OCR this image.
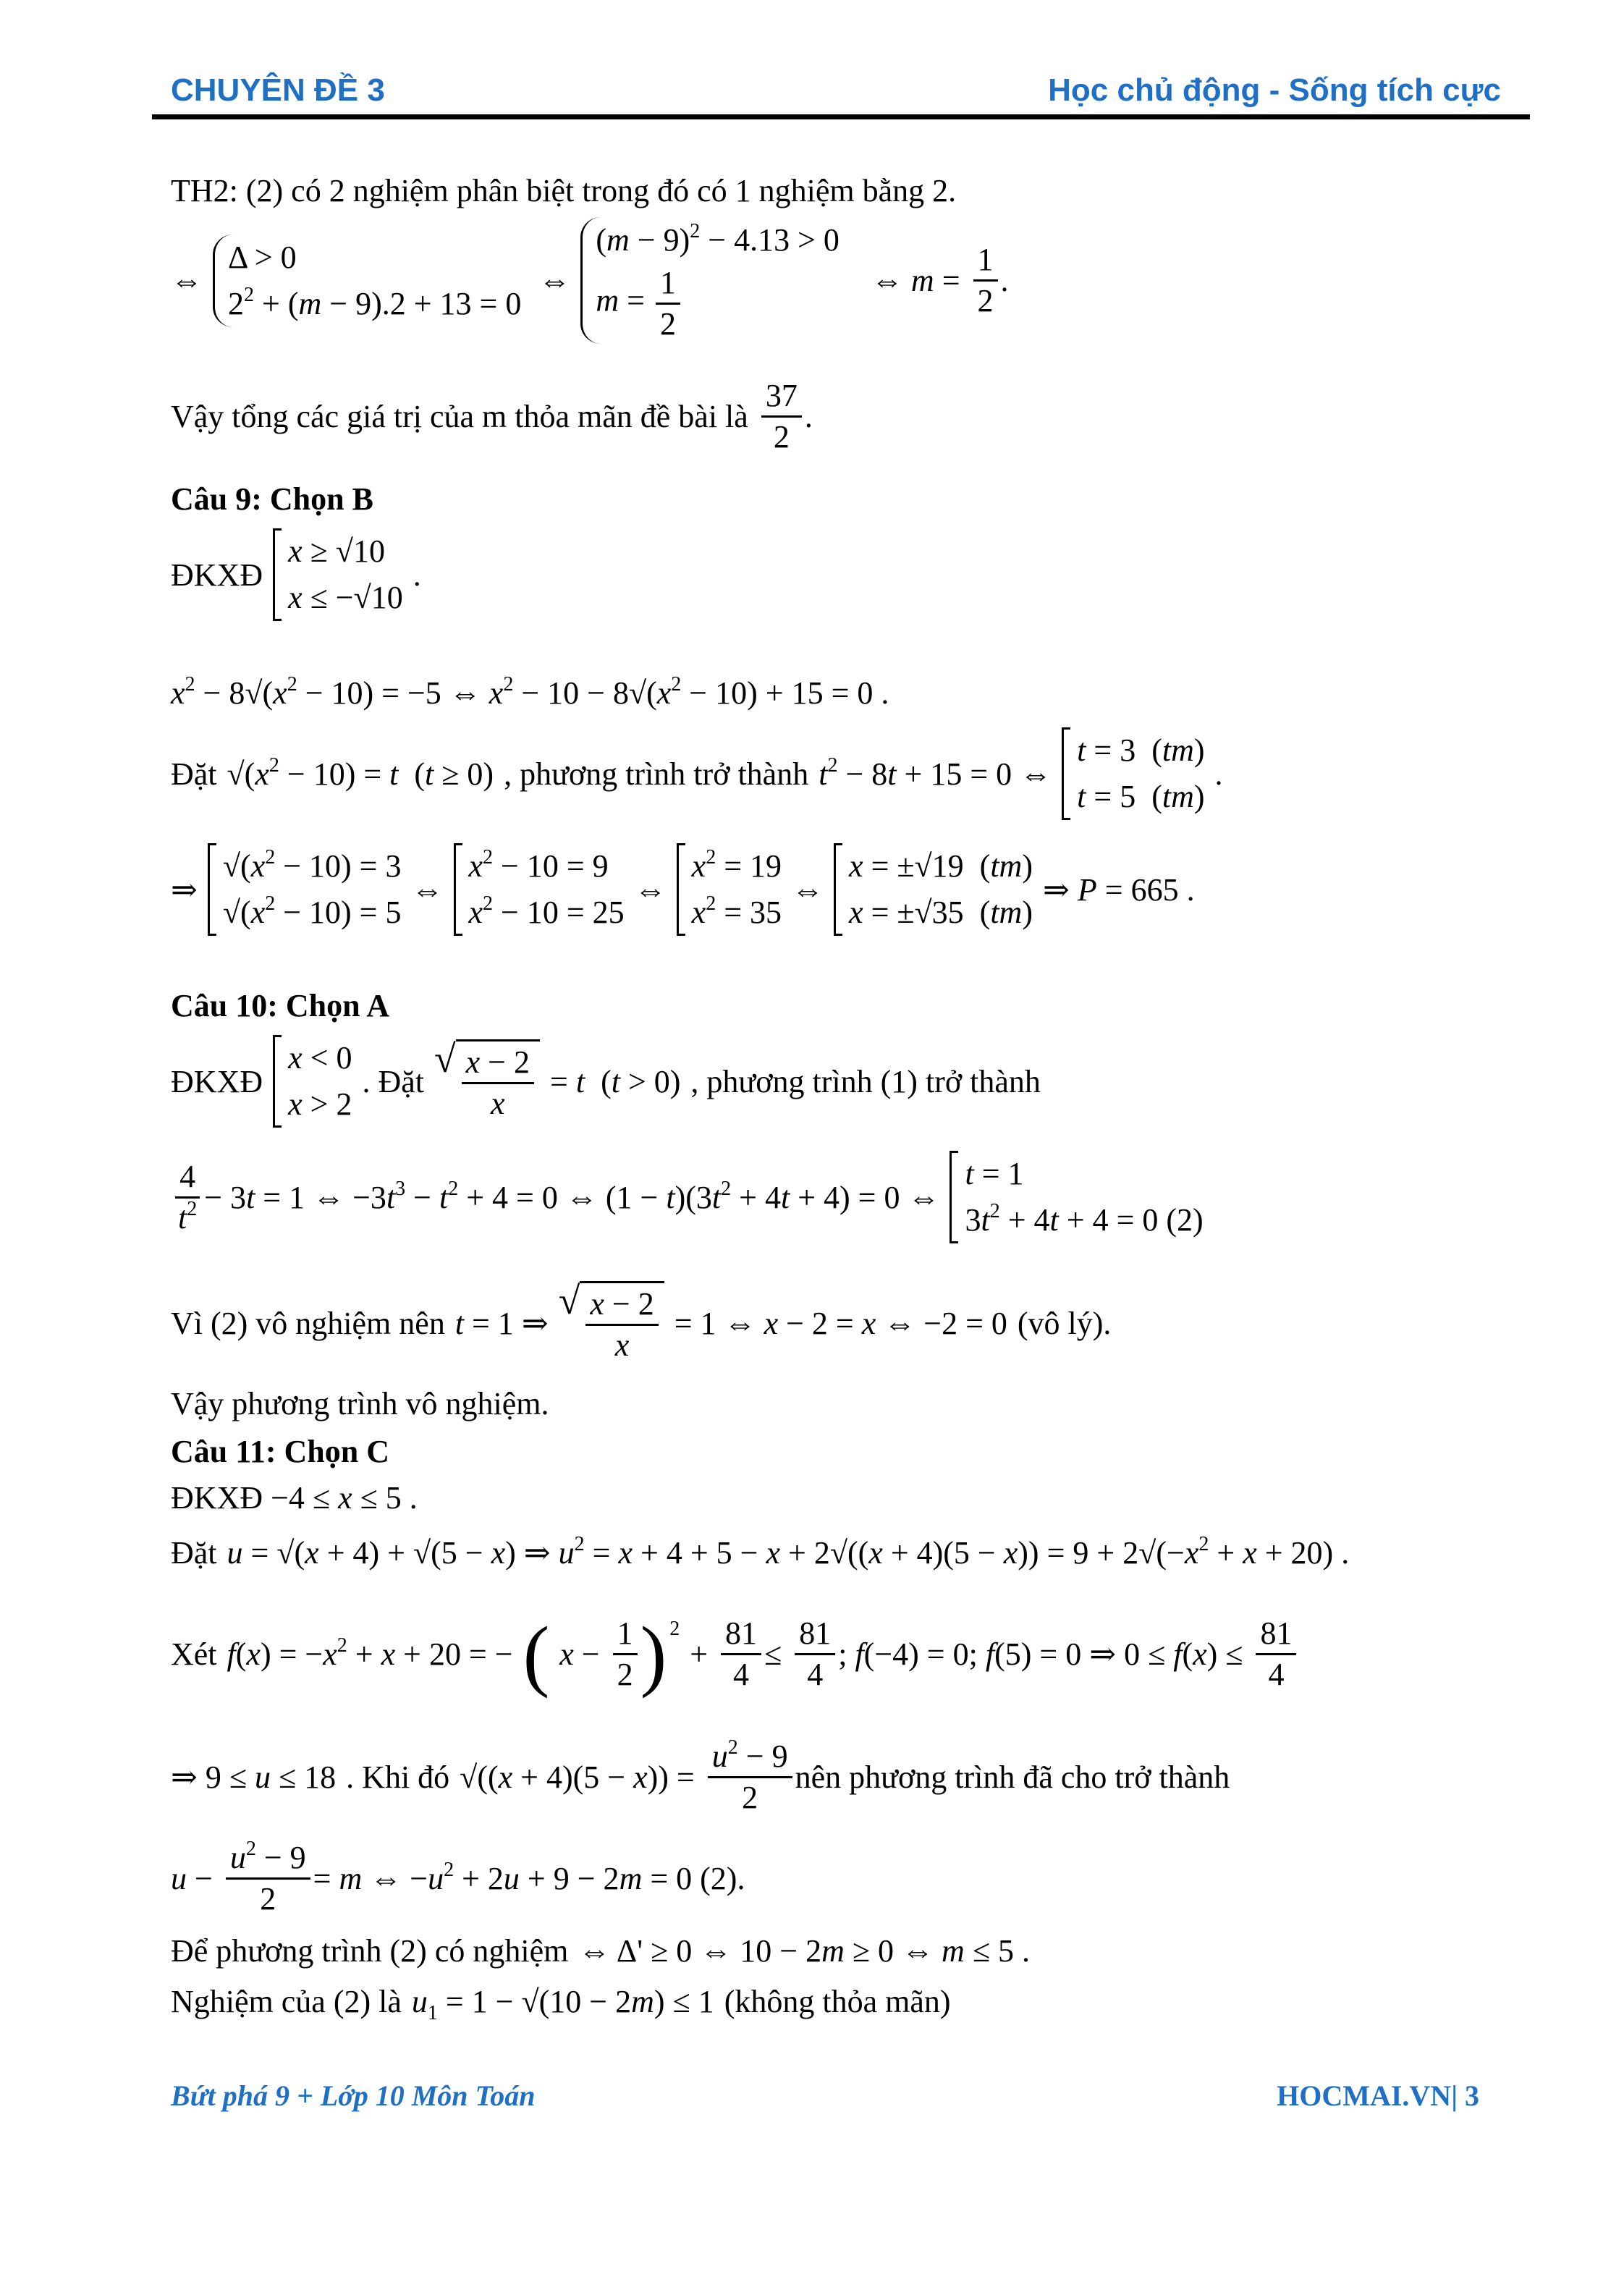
CHUYÊN ĐỀ 3	Học chủ động - Sống tích cực
TH2: (2) có 2 nghiệm phân biệt trong đó có 1 nghiệm bằng 2.
⇔
Δ > 0
$2^2 + (m - 9).2 + 13 = 0$
⇔
$(m - 9)^2 - 4.13 > 0$
$m = \frac{1}{2}$	⇔ $m = \frac{1}{2}$ .
Vậy tổng các giá trị của m thỏa mãn đề bài là $\frac{37}{2}$ .
Câu 9: Chọn B
ĐKXĐ
x ≥ √10
x ≤ −√10
.
$x^2 - 8√(x^2 - 10) = -5$ ⇔ $x^2 - 10 - 8√(x^2 - 10) + 15 = 0$ .
Đặt $√(x^2 - 10) = t$  (t ≥ 0) , phương trình trở thành $t^2 - 8t + 15 = 0$ ⇔
t = 3  (tm)
t = 5  (tm)
.
⇒
$√(x^2 - 10) = 3$
$√(x^2 - 10) = 5$
⇔
$x^2 - 10 = 9$
$x^2 - 10 = 25$
⇔
$x^2 = 19$
$x^2 = 35$
⇔
x = ±√19  (tm)
x = ±√35  (tm)
⇒ P = 665 .
Câu 10: Chọn A
ĐKXĐ
x < 0
x > 2
. Đặt
√ $\frac{x - 2}{x} = t$  (t > 0) , phương trình (1) trở thành
$\frac{4}{t^2} - 3t = 1$ ⇔ $-3t^3 - t^2 + 4 = 0$ ⇔ $(1 - t)(3t^2 + 4t + 4) = 0$ ⇔
t = 1
$3t^2 + 4t + 4 = 0$ (2)
Vì (2) vô nghiệm nên t = 1 ⇒
√ $\frac{x - 2}{x} = 1$ ⇔ x − 2 = x ⇔ −2 = 0 (vô lý).
Vậy phương trình vô nghiệm.
Câu 11: Chọn C
ĐKXĐ −4 ≤ x ≤ 5 .
Đặt u = √(x + 4) + √(5 − x) ⇒ $u^2 = x + 4 + 5 - x + 2√((x + 4)(5 - x)) = 9 + 2√(-x^2 + x + 20)$ .
Xét $f(x) = -x^2 + x + 20$ = − ( $x - \frac{1}{2}$ ) 2
+ $\frac{81}{4} \le \frac{81}{4}$ ; f(−4) = 0; f(5) = 0 ⇒ $0 \le f(x) \le \frac{81}{4}$
⇒ 9 ≤ u ≤ 18 . Khi đó $√((x + 4)(5 - x)) = \frac{u^2 - 9}{2}$ nên phương trình đã cho trở thành
$u - \frac{u^2 - 9}{2} = m$ ⇔ $-u^2 + 2u + 9 - 2m = 0$ (2).
Để phương trình (2) có nghiệm ⇔ Δ' ≥ 0 ⇔ 10 − 2m ≥ 0 ⇔ m ≤ 5 .
Nghiệm của (2) là $u_1 = 1 - √(10 - 2m) \le 1$ (không thỏa mãn)
Bứt phá 9 + Lớp 10 Môn Toán	HOCMAI.VN| 3
